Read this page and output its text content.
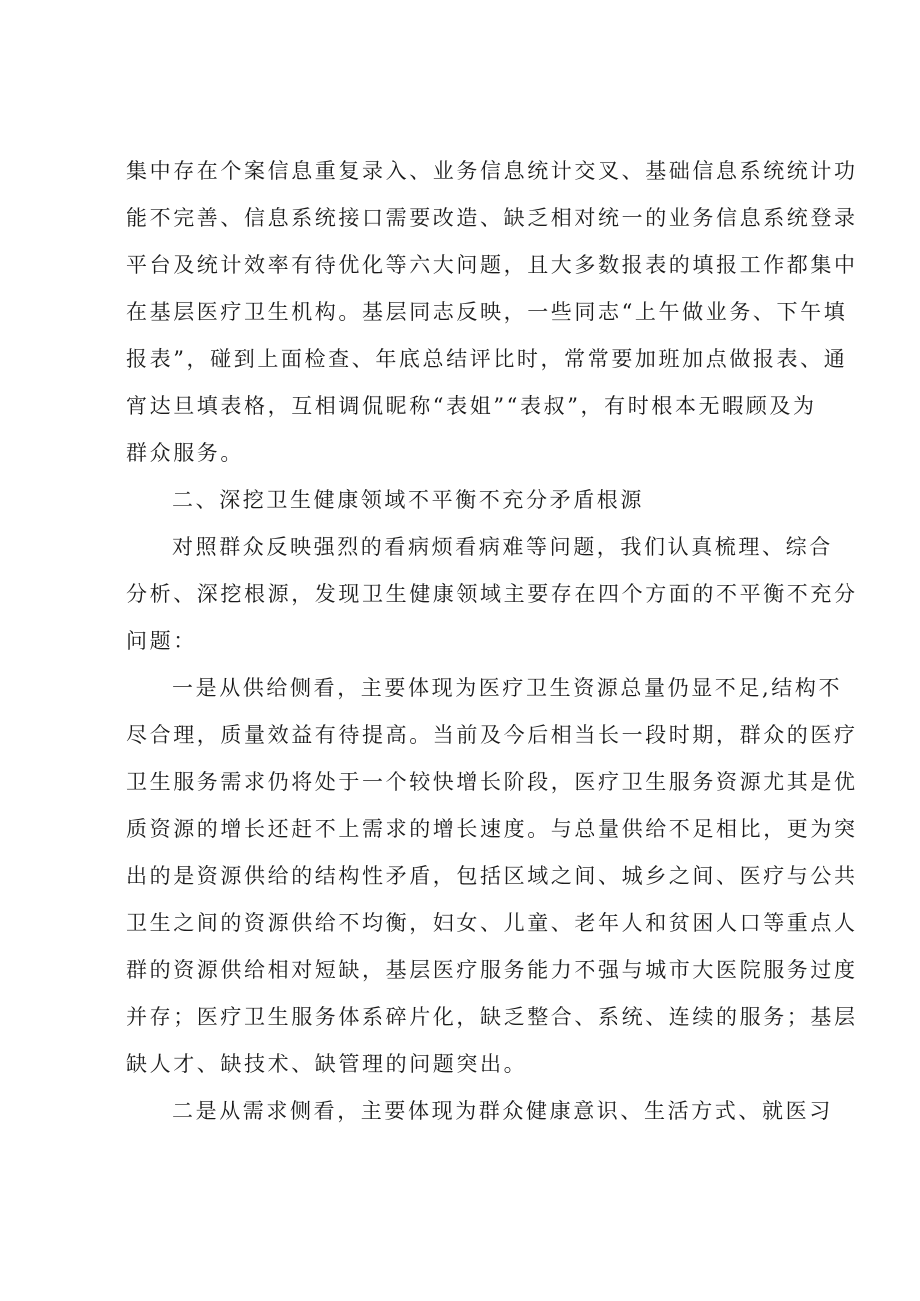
集中存在个案信息重复录入、业务信息统计交叉、基础信息系统统计功
能不完善、信息系统接口需要改造、缺乏相对统一的业务信息系统登录
平台及统计效率有待优化等六大问题，且大多数报表的填报工作都集中
在基层医疗卫生机构。基层同志反映，一些同志“上午做业务、下午填
报表”，碰到上面检查、年底总结评比时，常常要加班加点做报表、通
宵达旦填表格，互相调侃昵称“表姐”“表叔”，有时根本无暇顾及为
群众服务。
二、深挖卫生健康领域不平衡不充分矛盾根源
对照群众反映强烈的看病烦看病难等问题，我们认真梳理、综合
分析、深挖根源，发现卫生健康领域主要存在四个方面的不平衡不充分
问题：
一是从供给侧看，主要体现为医疗卫生资源总量仍显不足,结构不
尽合理，质量效益有待提高。当前及今后相当长一段时期，群众的医疗
卫生服务需求仍将处于一个较快增长阶段，医疗卫生服务资源尤其是优
质资源的增长还赶不上需求的增长速度。与总量供给不足相比，更为突
出的是资源供给的结构性矛盾，包括区域之间、城乡之间、医疗与公共
卫生之间的资源供给不均衡，妇女、儿童、老年人和贫困人口等重点人
群的资源供给相对短缺，基层医疗服务能力不强与城市大医院服务过度
并存；医疗卫生服务体系碎片化，缺乏整合、系统、连续的服务；基层
缺人才、缺技术、缺管理的问题突出。
二是从需求侧看，主要体现为群众健康意识、生活方式、就医习
